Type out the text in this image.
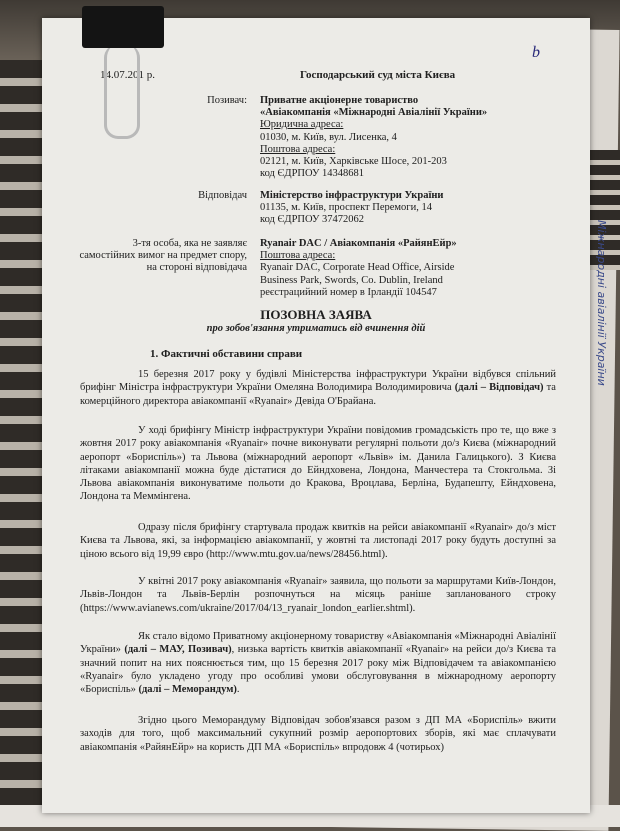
Міжнародні авіалінії України
b
14.07.201 р.	Господарський суд міста Києва
Позивач: Приватне акціонерне товариство
«Авіакомпанія «Міжнародні Авіалінії України»
Юридична адреса:
01030, м. Київ, вул. Лисенка, 4
Поштова адреса:
02121, м. Київ, Харківське Шосе, 201-203
код ЄДРПОУ 14348681
Відповідач Міністерство інфраструктури України
01135, м. Київ, проспект Перемоги, 14
код ЄДРПОУ 37472062
3-тя особа, яка не заявляє
самостійних вимог на предмет спору,
на стороні відповідача
Ryanair DAC / Авіакомпанія «РайянЕйр»
Поштова адреса:
Ryanair DAC, Corporate Head Office, Airside
Business Park, Swords, Co. Dublin, Ireland
реєстрацийний номер в Ірландії 104547
ПОЗОВНА ЗАЯВА
про зобов'язання утриматись від вчинення дій
1. Фактичні обставини справи

15 березня 2017 року у будівлі Міністерства інфраструктури України відбувся спільний брифінг Міністра інфраструктури України Омеляна Володимира Володимировича (далі – Відповідач) та комерційного директора авіакомпанії «Ryanair» Девіда О'Брайана.

У ході брифінгу Міністр інфраструктури України повідомив громадськість про те, що вже з жовтня 2017 року авіакомпанія «Ryanair» почне виконувати регулярні польоти до/з Києва (міжнародний аеропорт «Бориспіль») та Львова (міжнародний аеропорт «Львів» ім. Данила Галицького). З Києва літаками авіакомпанії можна буде дістатися до Ейндховена, Лондона, Манчестера та Стокгольма. Зі Львова авіакомпанія виконуватиме польоти до Кракова, Вроцлава, Берліна, Будапешту, Ейндховена, Лондона та Меммінгена.

Одразу після брифінгу стартувала продаж квитків на рейси авіакомпанії «Ryanair» до/з міст Києва та Львова, які, за інформацією авіакомпанії, у жовтні та листопаді 2017 року будуть доступні за ціною всього від 19,99 євро (http://www.mtu.gov.ua/news/28456.html).

У квітні 2017 року авіакомпанія «Ryanair» заявила, що польоти за маршрутами Київ-Лондон, Львів-Лондон та Львів-Берлін розпочнуться на місяць раніше запланованого строку (https://www.avianews.com/ukraine/2017/04/13_ryanair_london_earlier.shtml).

Як стало відомо Приватному акціонерному товариству «Авіакомпанія «Міжнародні Авіалінії України» (далі – МАУ, Позивач), низька вартість квитків авіакомпанії «Ryanair» на рейси до/з Києва та значний попит на них пояснюється тим, що 15 березня 2017 року між Відповідачем та авіакомпанією «Ryanair» було укладено угоду про особливі умови обслуговування в міжнародному аеропорту «Бориспіль» (далі – Меморандум).

Згідно цього Меморандуму Відповідач зобов'язався разом з ДП МА «Бориспіль» вжити заходів для того, щоб максимальний сукупний розмір аеропортових зборів, які має сплачувати авіакомпанія «РайянЕйр» на користь ДП МА «Бориспіль» впродовж 4 (чотирьох)
